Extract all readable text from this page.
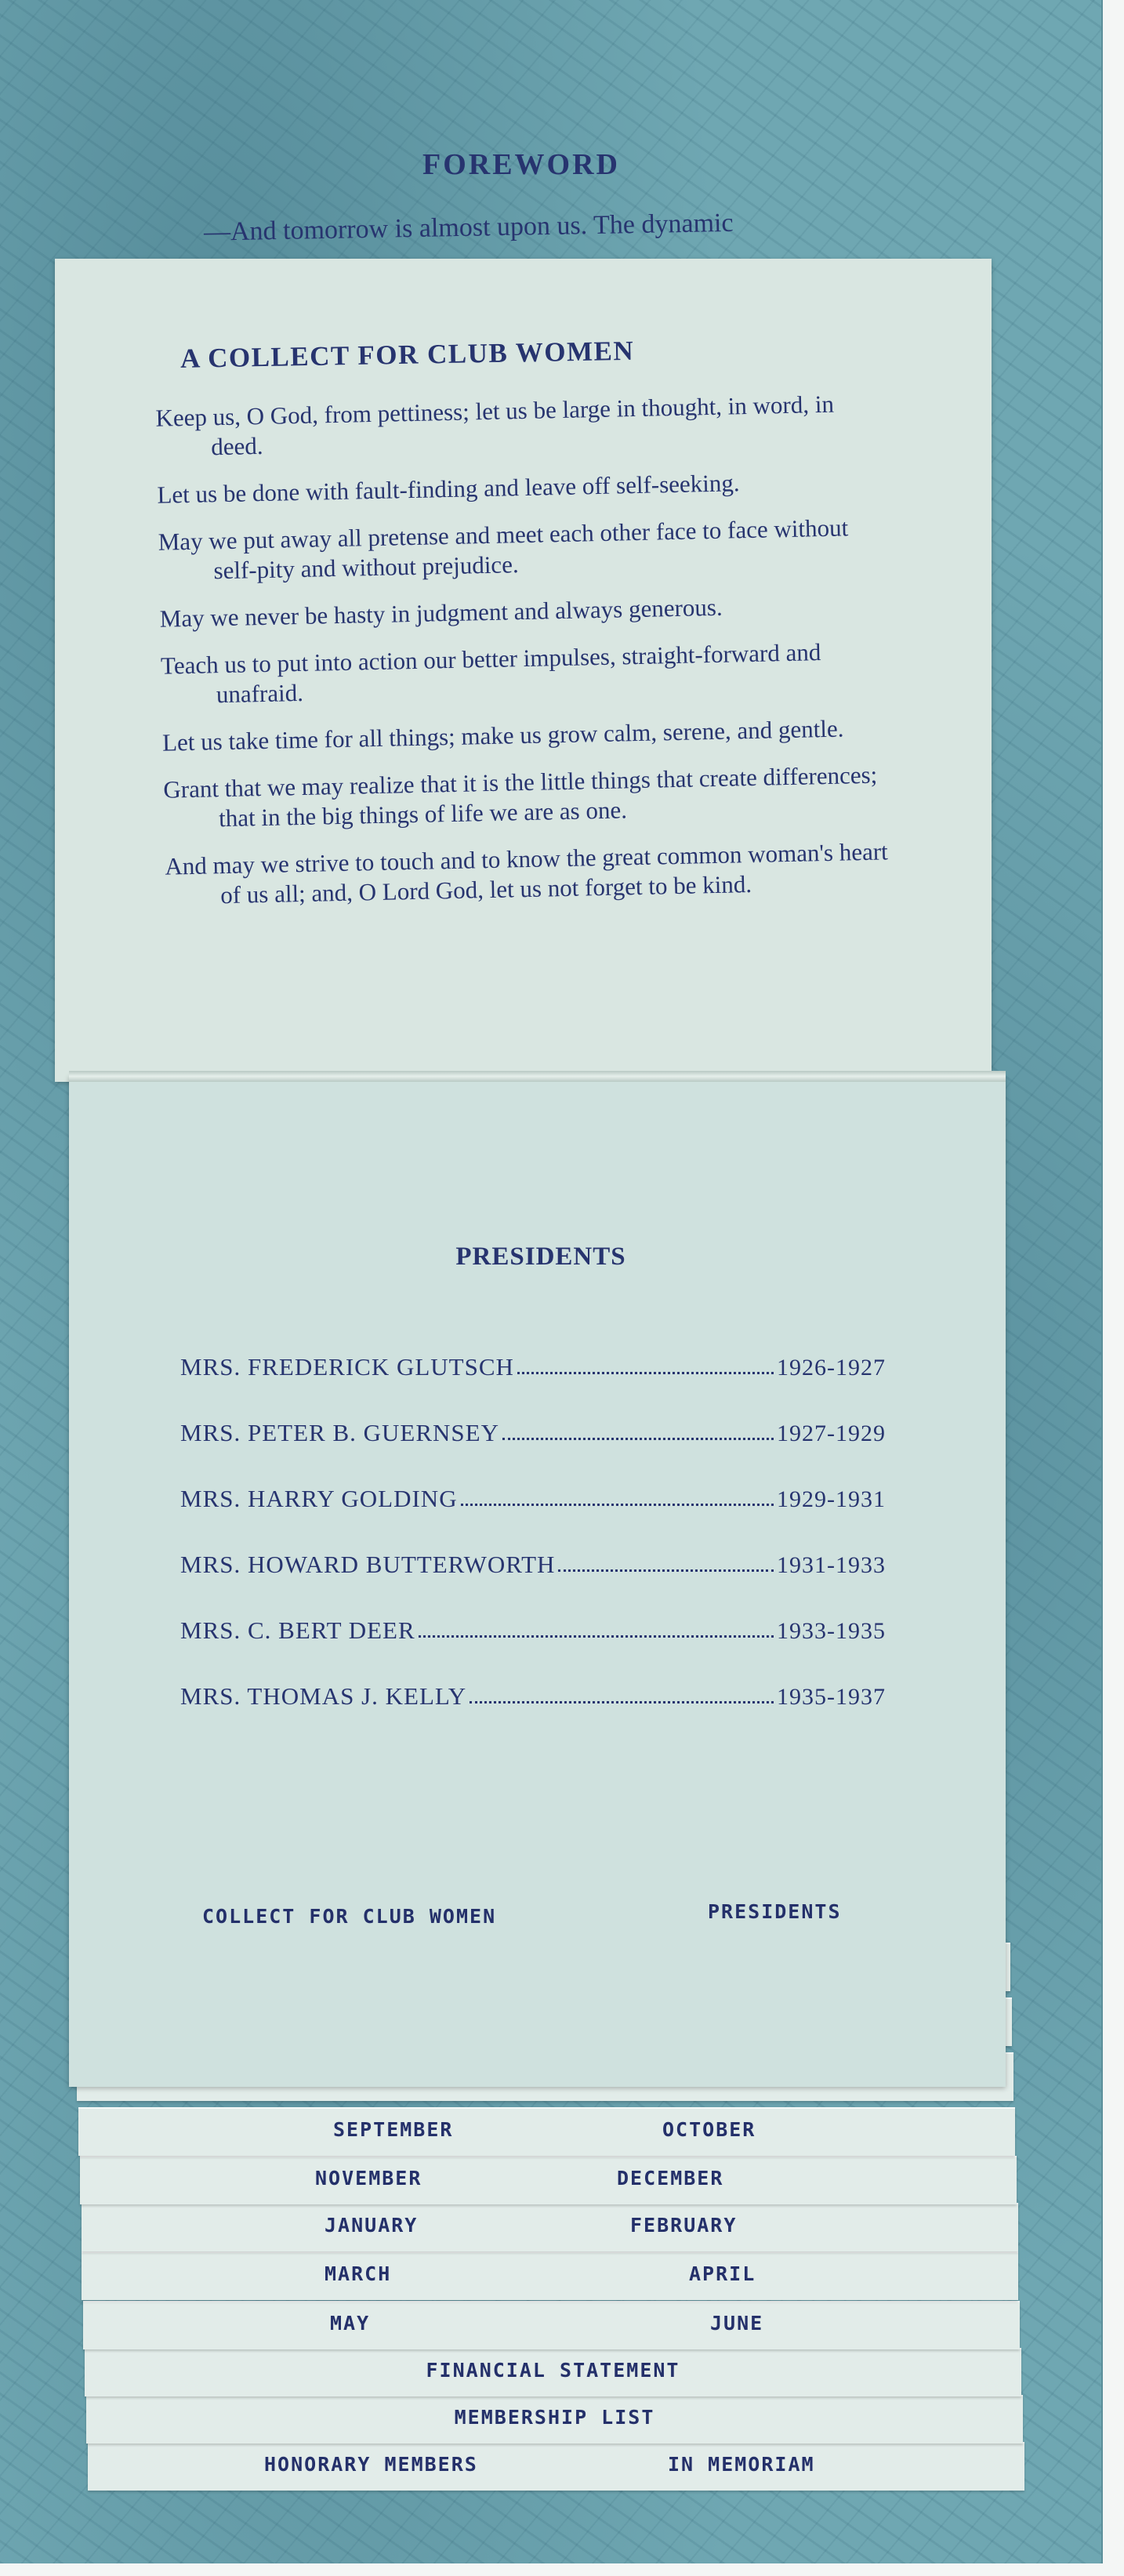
FOREWORD
—And tomorrow is almost upon us. The dynamic
HONORARY MEMBERS	IN MEMORIAM
MEMBERSHIP LIST
FINANCIAL STATEMENT
MAY	JUNE
MARCH	APRIL
JANUARY	FEBRUARY
NOVEMBER	DECEMBER
SEPTEMBER	OCTOBER
A COLLECT FOR CLUB WOMEN
Keep us, O God, from pettiness; let us be large in thought, in word, in deed.
Let us be done with fault-finding and leave off self-seeking.
May we put away all pretense and meet each other face to face without self-pity and without prejudice.
May we never be hasty in judgment and always generous.
Teach us to put into action our better impulses, straight-forward and unafraid.
Let us take time for all things; make us grow calm, serene, and gentle.
Grant that we may realize that it is the little things that create differences; that in the big things of life we are as one.
And may we strive to touch and to know the great common woman's heart of us all; and, O Lord God, let us not forget to be kind.
PRESIDENTS
MRS. FREDERICK GLUTSCH	1926-1927
MRS. PETER B. GUERNSEY	1927-1929
MRS. HARRY GOLDING	1929-1931
MRS. HOWARD BUTTERWORTH	1931-1933
MRS. C. BERT DEER	1933-1935
MRS. THOMAS J. KELLY	1935-1937
COLLECT FOR CLUB WOMEN	PRESIDENTS
